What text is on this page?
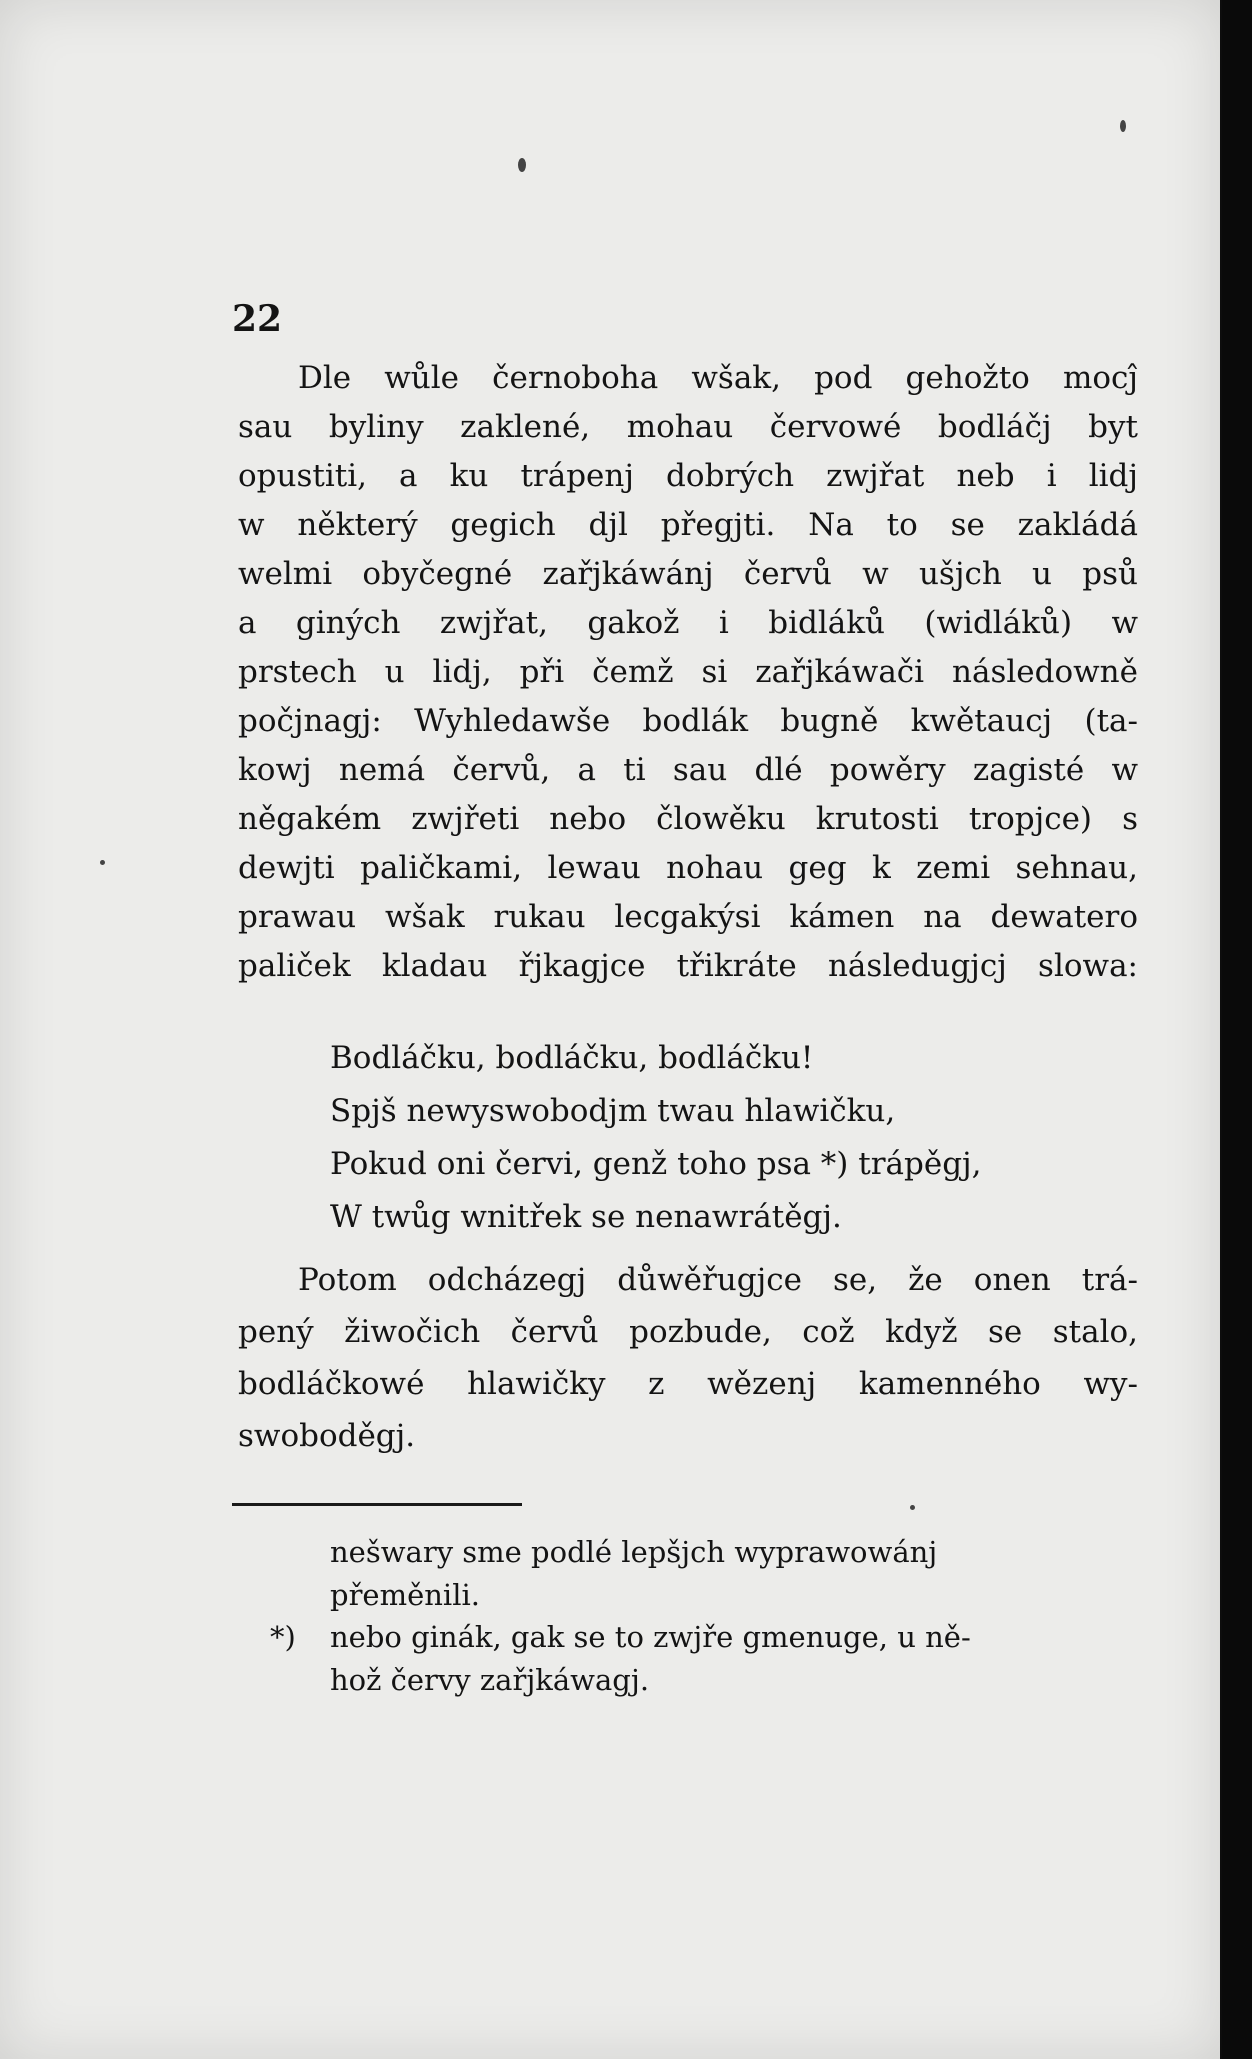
22
Dle wůle černoboha wšak, pod gehožto mocĵ
sau byliny zaklené, mohau červowé bodláčj byt
opustiti, a ku trápenj dobrých zwjřat neb i lidj
w některý gegich djl přegjti. Na to se zakládá
welmi obyčegné zařjkáwánj červů w ušjch u psů
a giných zwjřat, gakož i bidláků (widláků) w
prstech u lidj, při čemž si zařjkáwači následowně
počjnagj: Wyhledawše bodlák bugně kwětaucj (ta-
kowj nemá červů, a ti sau dlé powěry zagisté w
něgakém zwjřeti nebo člowěku krutosti tropjce) s
dewjti paličkami, lewau nohau geg k zemi sehnau,
prawau wšak rukau lecgakýsi kámen na dewatero
paliček kladau řjkagjce třikráte následugjcj slowa:
Bodláčku, bodláčku, bodláčku!
Spjš newyswobodjm twau hlawičku,
Pokud oni červi, genž toho psa *) trápěgj,
W twůg wnitřek se nenawrátěgj.
Potom odcházegj důwěřugjce se, že onen trá-
pený žiwočich červů pozbude, což když se stalo,
bodláčkowé hlawičky z wězenj kamenného wy-
swoboděgj.
nešwary sme podlé lepšjch wyprawowánj
přeměnili.
*) nebo ginák, gak se to zwjře gmenuge, u ně-
hož červy zařjkáwagj.
